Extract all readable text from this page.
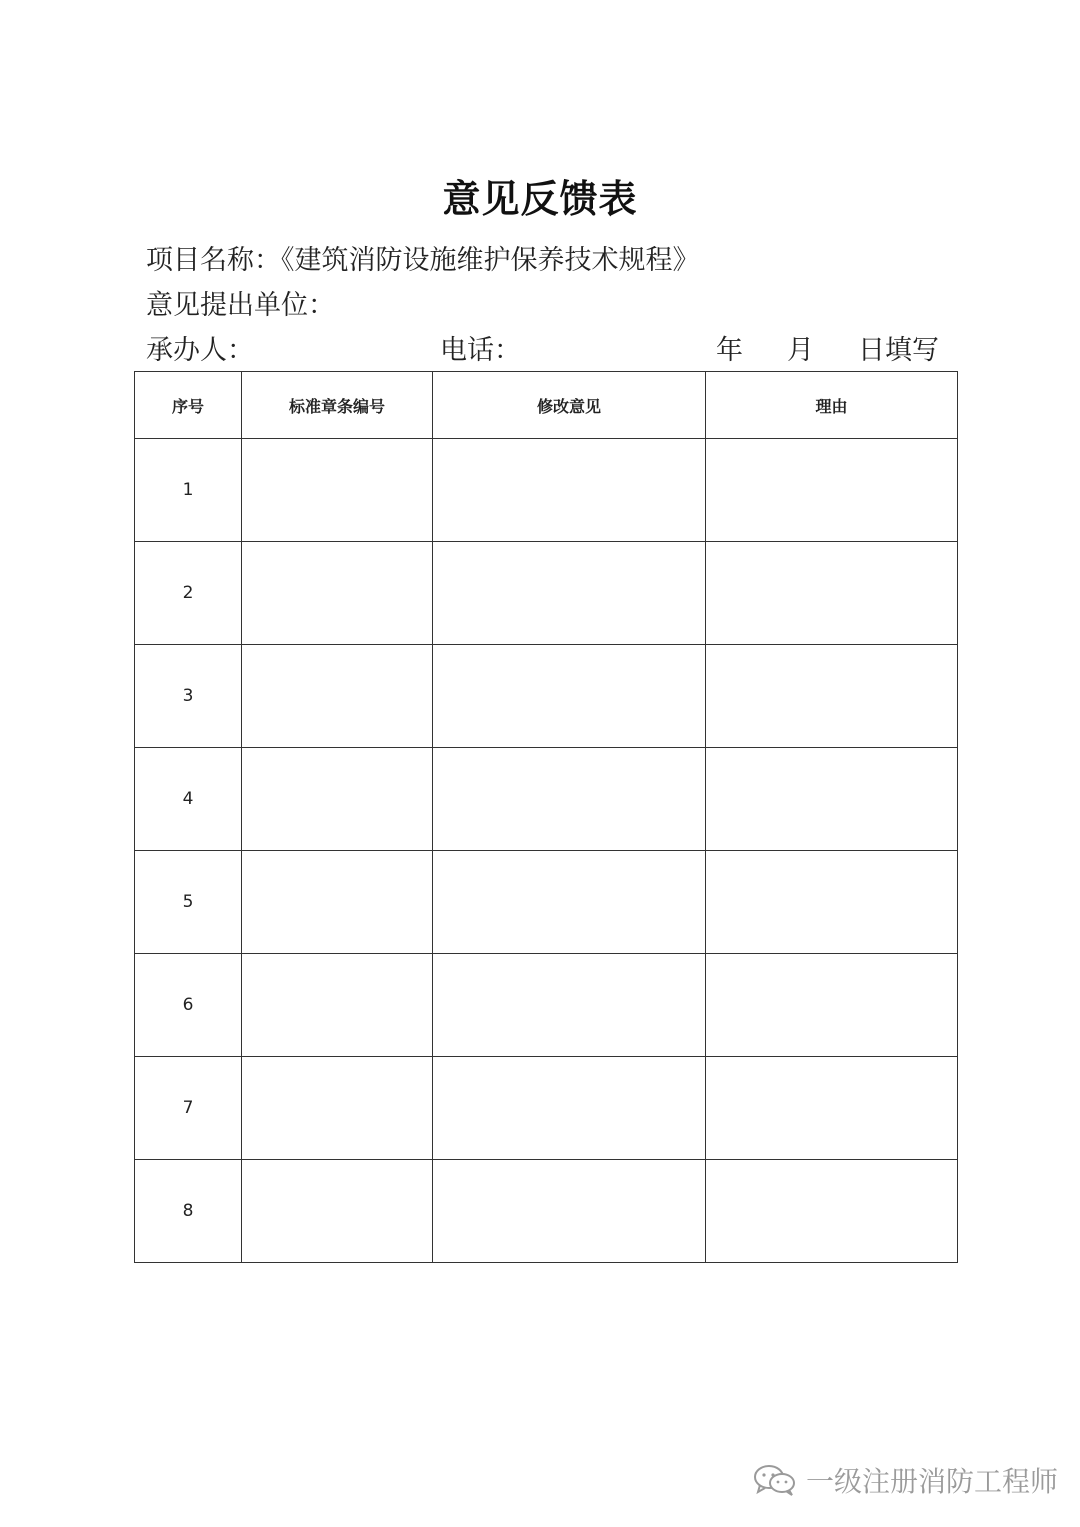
意见反馈表
项目名称：《建筑消防设施维护保养技术规程》
意见提出单位：
承办人：	电话：	年 月 日填写
序号	标准章条编号	修改意见	理由
1			
2			
3			
4			
5			
6			
7			
8			
一级注册消防工程师
